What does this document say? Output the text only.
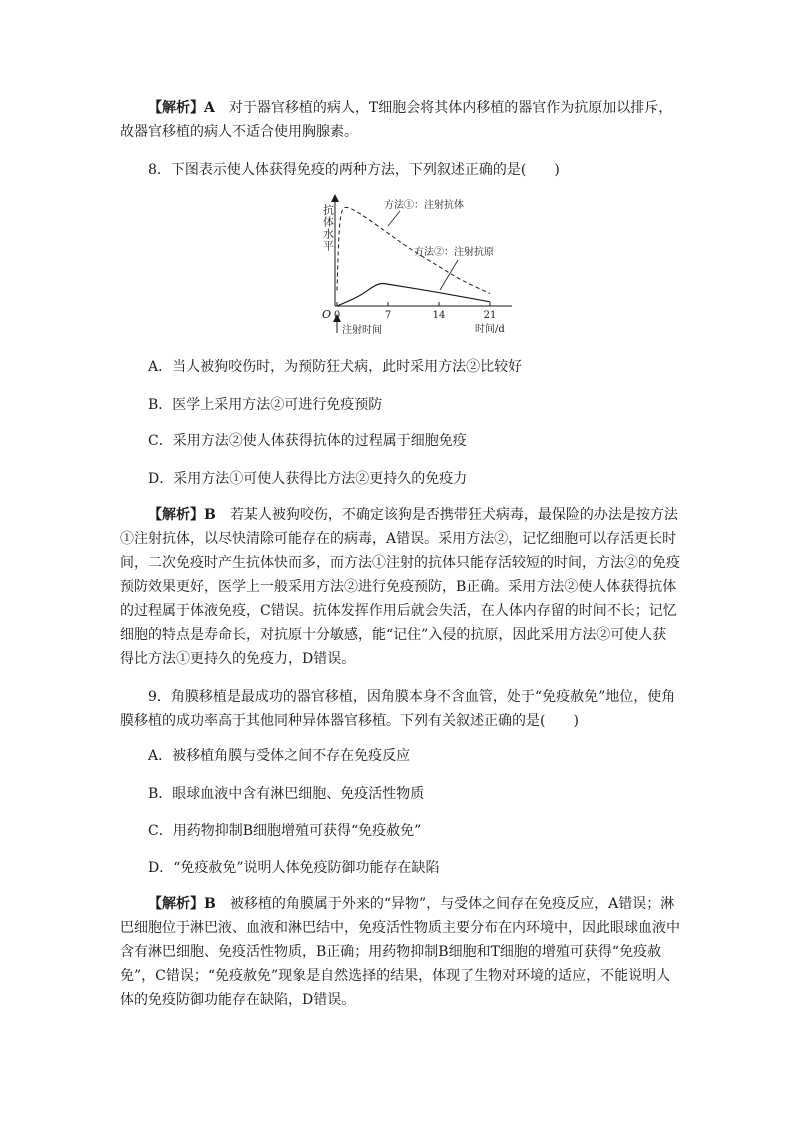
【解析】A　 对于器官移植的病人，T细胞会将其体内移植的器官作为抗原加以排斥，故器官移植的病人不适合使用胸腺素。
8．下图表示使人体获得免疫的两种方法，下列叙述正确的是(　　)
抗体水平
O 0	7	14	21
时间/d
注射时间
方法①：注射抗体
方法②：注射抗原
A．当人被狗咬伤时，为预防狂犬病，此时采用方法②比较好
B．医学上采用方法②可进行免疫预防
C．采用方法②使人体获得抗体的过程属于细胞免疫
D．采用方法①可使人获得比方法②更持久的免疫力
【解析】B　 若某人被狗咬伤，不确定该狗是否携带狂犬病毒，最保险的办法是按方法①注射抗体，以尽快清除可能存在的病毒，A错误。采用方法②，记忆细胞可以存活更长时间，二次免疫时产生抗体快而多，而方法①注射的抗体只能存活较短的时间，方法②的免疫预防效果更好，医学上一般采用方法②进行免疫预防，B正确。采用方法②使人体获得抗体的过程属于体液免疫，C错误。抗体发挥作用后就会失活，在人体内存留的时间不长；记忆细胞的特点是寿命长，对抗原十分敏感，能“记住”入侵的抗原，因此采用方法②可使人获得比方法①更持久的免疫力，D错误。
9．角膜移植是最成功的器官移植，因角膜本身不含血管，处于“免疫赦免”地位，使角膜移植的成功率高于其他同种异体器官移植。下列有关叙述正确的是(　　)
A．被移植角膜与受体之间不存在免疫反应
B．眼球血液中含有淋巴细胞、免疫活性物质
C．用药物抑制B细胞增殖可获得“免疫赦免”
D．“免疫赦免”说明人体免疫防御功能存在缺陷
【解析】B　 被移植的角膜属于外来的“异物”，与受体之间存在免疫反应，A错误；淋巴细胞位于淋巴液、血液和淋巴结中，免疫活性物质主要分布在内环境中，因此眼球血液中含有淋巴细胞、免疫活性物质，B正确；用药物抑制B细胞和T细胞的增殖可获得“免疫赦免”，C错误；“免疫赦免”现象是自然选择的结果，体现了生物对环境的适应，不能说明人体的免疫防御功能存在缺陷，D错误。
